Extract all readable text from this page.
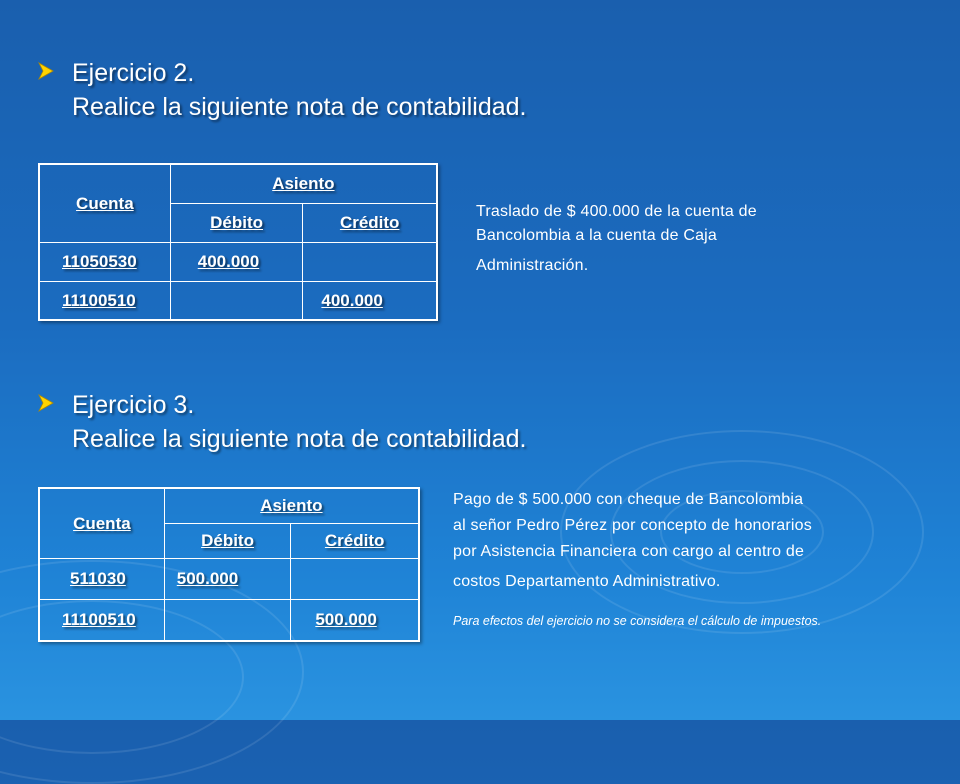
Ejercicio 2.
Realice la siguiente nota de contabilidad.
Cuenta	Asiento	
	Débito	Crédito
11050530	400.000	
11100510		400.000
Traslado de $ 400.000 de la cuenta de
Bancolombia a la cuenta de Caja
Administración.
Ejercicio 3.
Realice la siguiente nota de contabilidad.
Cuenta	Asiento	
	Débito	Crédito
511030	500.000	
11100510		500.000
Pago de $ 500.000 con cheque de Bancolombia
al señor Pedro Pérez por concepto de honorarios
por Asistencia Financiera con cargo al centro de
costos Departamento Administrativo.
Para efectos del ejercicio no se considera el cálculo de impuestos.
